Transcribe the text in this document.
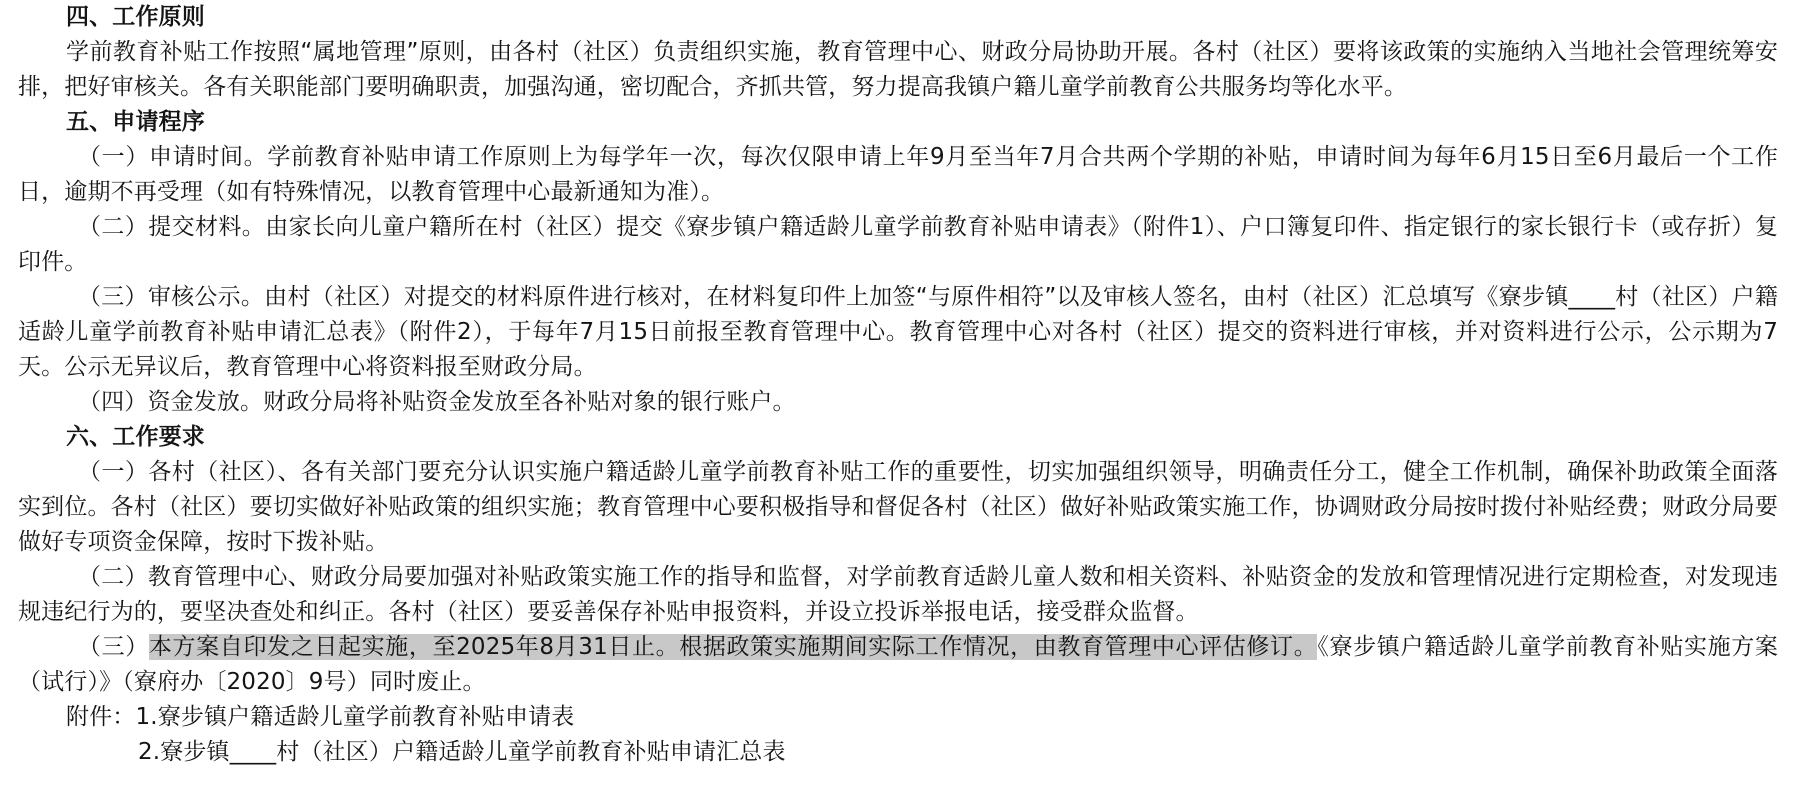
四、工作原则
学前教育补贴工作按照“属地管理”原则，由各村（社区）负责组织实施，教育管理中心、财政分局协助开展。各村（社区）要将该政策的实施纳入当地社会管理统筹安排，把好审核关。各有关职能部门要明确职责，加强沟通，密切配合，齐抓共管，努力提高我镇户籍儿童学前教育公共服务均等化水平。
五、申请程序
（一）申请时间。学前教育补贴申请工作原则上为每学年一次，每次仅限申请上年9月至当年7月合共两个学期的补贴，申请时间为每年6月15日至6月最后一个工作日，逾期不再受理（如有特殊情况，以教育管理中心最新通知为准）。
（二）提交材料。由家长向儿童户籍所在村（社区）提交《寮步镇户籍适龄儿童学前教育补贴申请表》（附件1）、户口簿复印件、指定银行的家长银行卡（或存折）复印件。
（三）审核公示。由村（社区）对提交的材料原件进行核对，在材料复印件上加签“与原件相符”以及审核人签名，由村（社区）汇总填写《寮步镇____村（社区）户籍适龄儿童学前教育补贴申请汇总表》（附件2），于每年7月15日前报至教育管理中心。教育管理中心对各村（社区）提交的资料进行审核，并对资料进行公示，公示期为7天。公示无异议后，教育管理中心将资料报至财政分局。
（四）资金发放。财政分局将补贴资金发放至各补贴对象的银行账户。
六、工作要求
（一）各村（社区）、各有关部门要充分认识实施户籍适龄儿童学前教育补贴工作的重要性，切实加强组织领导，明确责任分工，健全工作机制，确保补助政策全面落实到位。各村（社区）要切实做好补贴政策的组织实施；教育管理中心要积极指导和督促各村（社区）做好补贴政策实施工作，协调财政分局按时拨付补贴经费；财政分局要做好专项资金保障，按时下拨补贴。
（二）教育管理中心、财政分局要加强对补贴政策实施工作的指导和监督，对学前教育适龄儿童人数和相关资料、补贴资金的发放和管理情况进行定期检查，对发现违规违纪行为的，要坚决查处和纠正。各村（社区）要妥善保存补贴申报资料，并设立投诉举报电话，接受群众监督。
（三）本方案自印发之日起实施，至2025年8月31日止。根据政策实施期间实际工作情况，由教育管理中心评估修订。《寮步镇户籍适龄儿童学前教育补贴实施方案（试行）》（寮府办〔2020〕9号）同时废止。
附件：1.寮步镇户籍适龄儿童学前教育补贴申请表
2.寮步镇____村（社区）户籍适龄儿童学前教育补贴申请汇总表
